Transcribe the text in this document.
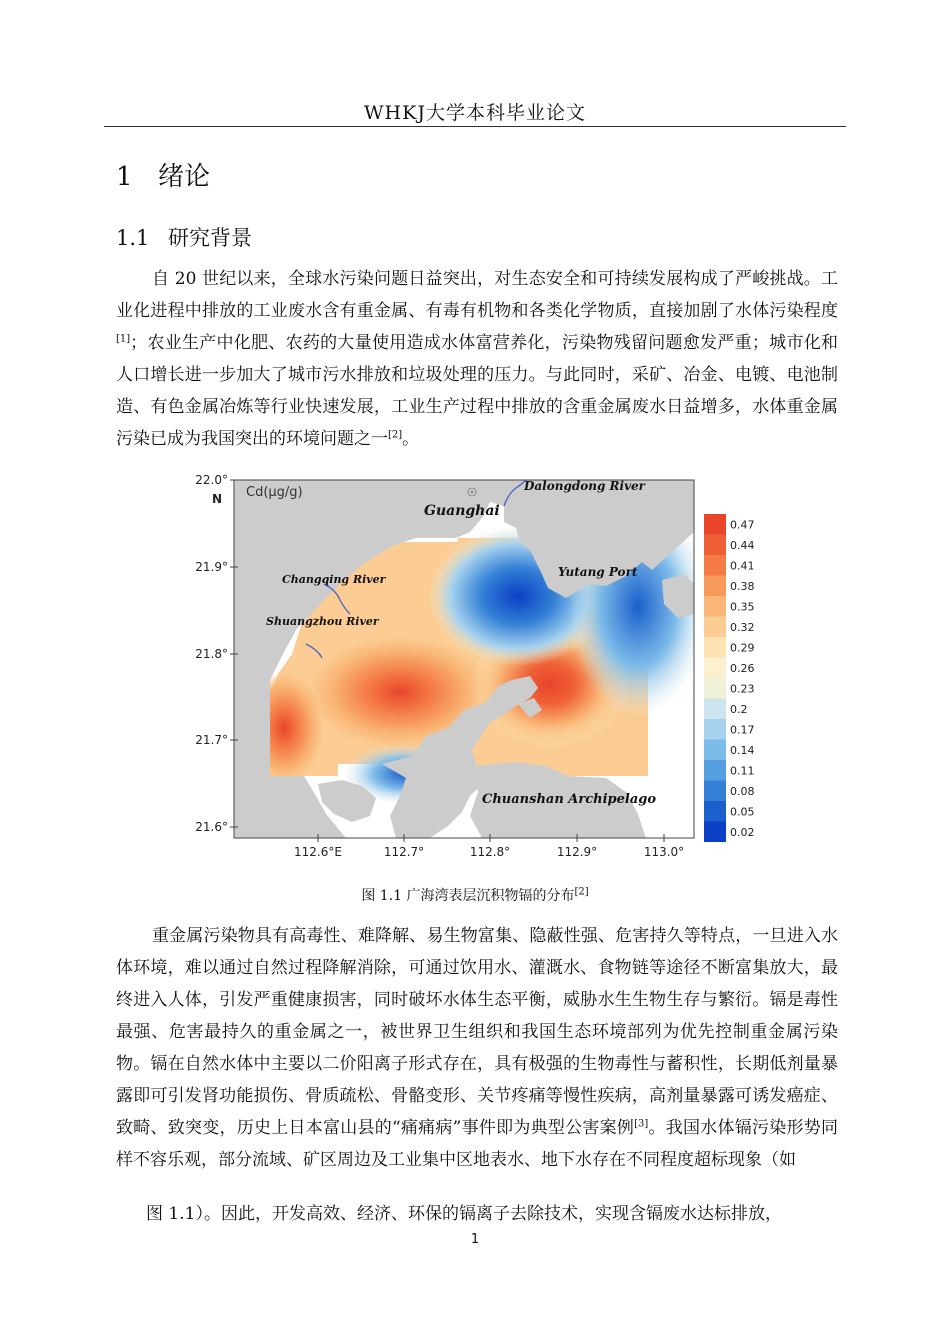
WHKJ大学本科毕业论文
1 绪论
1.1 研究背景

自 20 世纪以来，全球水污染问题日益突出，对生态安全和可持续发展构成了严峻挑战。工业化进程中排放的工业废水含有重金属、有毒有机物和各类化学物质，直接加剧了水体污染程度[1]；农业生产中化肥、农药的大量使用造成水体富营养化，污染物残留问题愈发严重；城市化和人口增长进一步加大了城市污水排放和垃圾处理的压力。与此同时，采矿、冶金、电镀、电池制造、有色金属冶炼等行业快速发展，工业生产过程中排放的含重金属废水日益增多，水体重金属污染已成为我国突出的环境问题之一[2]。

Cd(μg/g)
Guanghai
Dalongdong River
Changqing River
Shuangzhou River
Yutang Port
Chuanshan Archipelago
22.0°
N
21.9°
21.8°
21.7°
21.6°
112.6°E	112.7°	112.8°	112.9°	113.0°
0.47
0.44
0.41
0.38
0.35
0.32
0.29
0.26
0.23
0.2
0.17
0.14
0.11
0.08
0.05
0.02
图 1.1 广海湾表层沉积物镉的分布[2]

重金属污染物具有高毒性、难降解、易生物富集、隐蔽性强、危害持久等特点，一旦进入水体环境，难以通过自然过程降解消除，可通过饮用水、灌溉水、食物链等途径不断富集放大，最终进入人体，引发严重健康损害，同时破坏水体生态平衡，威胁水生生物生存与繁衍。镉是毒性最强、危害最持久的重金属之一，被世界卫生组织和我国生态环境部列为优先控制重金属污染物。镉在自然水体中主要以二价阳离子形式存在，具有极强的生物毒性与蓄积性，长期低剂量暴露即可引发肾功能损伤、骨质疏松、骨骼变形、关节疼痛等慢性疾病，高剂量暴露可诱发癌症、致畸、致突变，历史上日本富山县的“痛痛病”事件即为典型公害案例[3]。我国水体镉污染形势同样不容乐观，部分流域、矿区周边及工业集中区地表水、地下水存在不同程度超标现象（如

图 1.1）。因此，开发高效、经济、环保的镉离子去除技术，实现含镉废水达标排放，

1
